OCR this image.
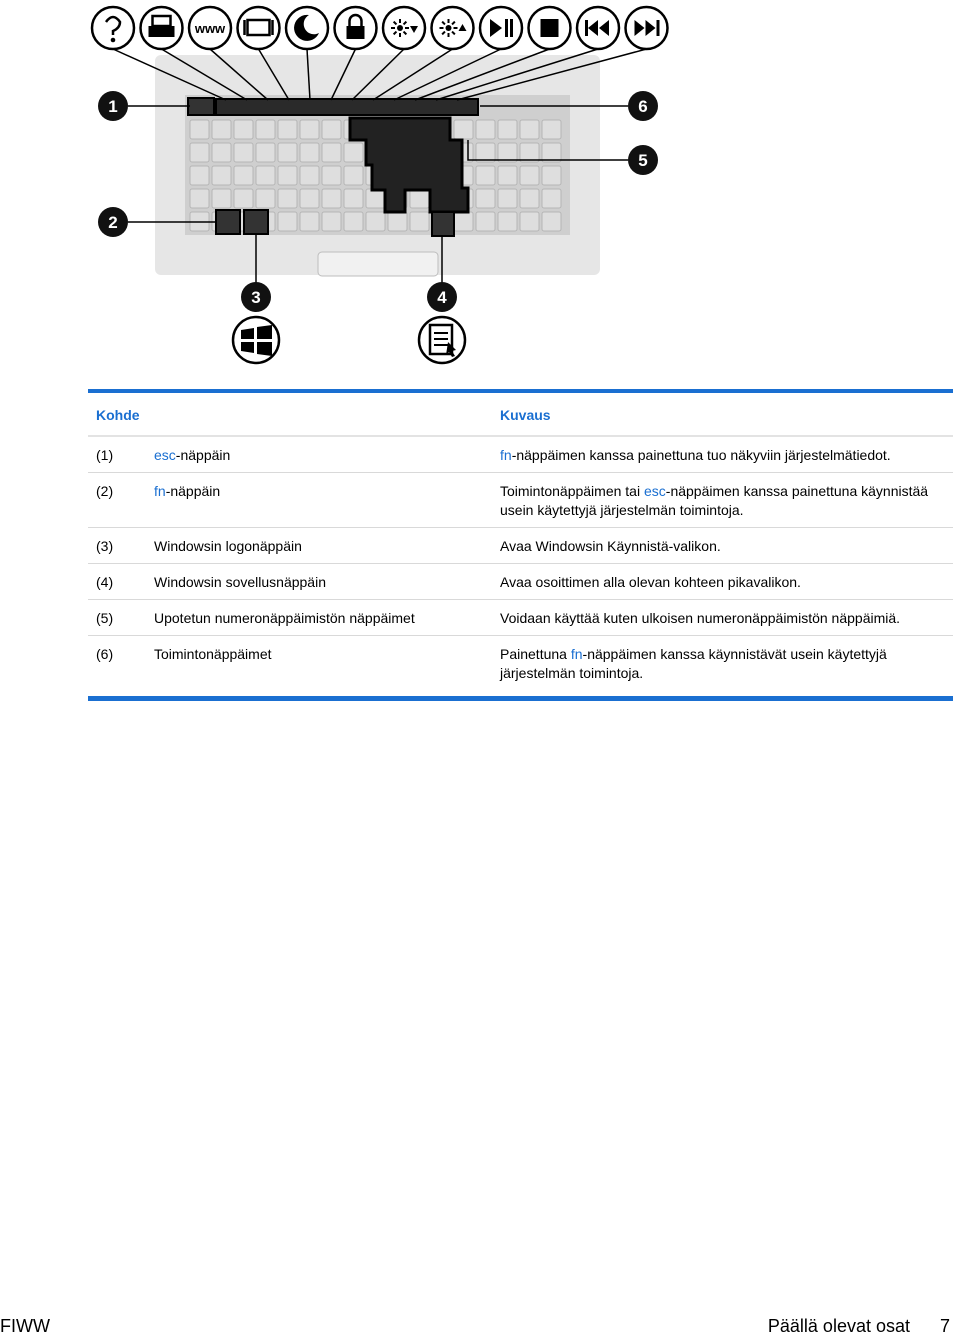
www
1	6
5
2
3	4
Kohde		Kuvaus
(1)	esc-näppäin	fn-näppäimen kanssa painettuna tuo näkyviin järjestelmätiedot.
(2)	fn-näppäin	Toimintonäppäimen tai esc-näppäimen kanssa painettuna käynnistää usein käytettyjä järjestelmän toimintoja.
(3)	Windowsin logonäppäin	Avaa Windowsin Käynnistä-valikon.
(4)	Windowsin sovellusnäppäin	Avaa osoittimen alla olevan kohteen pikavalikon.
(5)	Upotetun numeronäppäimistön näppäimet	Voidaan käyttää kuten ulkoisen numeronäppäimistön näppäimiä.
(6)	Toimintonäppäimet	Painettuna fn-näppäimen kanssa käynnistävät usein käytettyjä järjestelmän toimintoja.
FIWW	Päällä olevat osat 7
